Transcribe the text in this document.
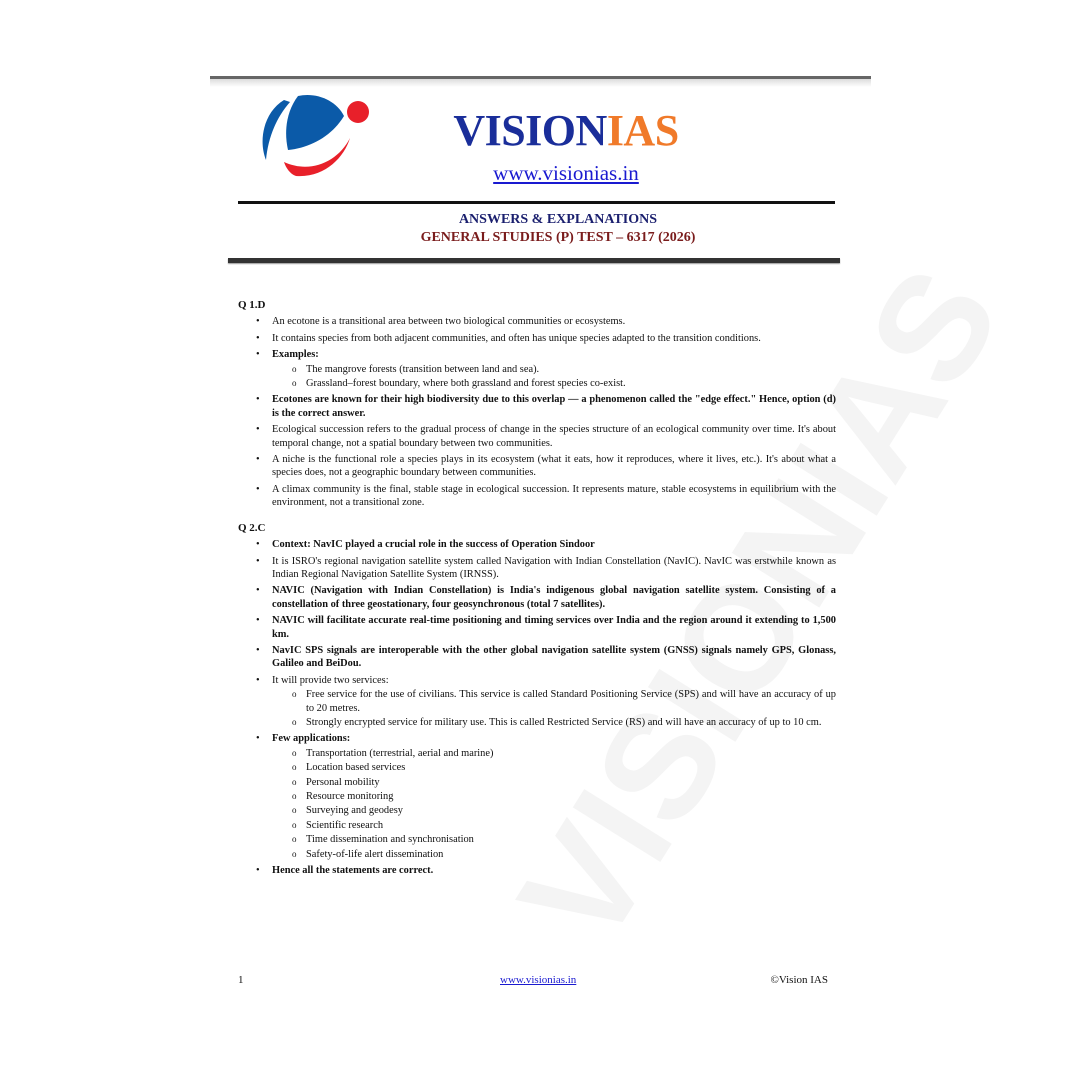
VISIONIAS
www.visionias.in
ANSWERS & EXPLANATIONS
GENERAL STUDIES (P) TEST – 6317 (2026)
Q 1.D
• An ecotone is a transitional area between two biological communities or ecosystems.
• It contains species from both adjacent communities, and often has unique species adapted to the transition conditions.
• Examples:
o The mangrove forests (transition between land and sea).
o Grassland–forest boundary, where both grassland and forest species co-exist.
• Ecotones are known for their high biodiversity due to this overlap — a phenomenon called the "edge effect." Hence, option (d) is the correct answer.
• Ecological succession refers to the gradual process of change in the species structure of an ecological community over time. It's about temporal change, not a spatial boundary between two communities.
• A niche is the functional role a species plays in its ecosystem (what it eats, how it reproduces, where it lives, etc.). It's about what a species does, not a geographic boundary between communities.
• A climax community is the final, stable stage in ecological succession. It represents mature, stable ecosystems in equilibrium with the environment, not a transitional zone.
Q 2.C
• Context: NavIC played a crucial role in the success of Operation Sindoor
• It is ISRO's regional navigation satellite system called Navigation with Indian Constellation (NavIC). NavIC was erstwhile known as Indian Regional Navigation Satellite System (IRNSS).
• NAVIC (Navigation with Indian Constellation) is India's indigenous global navigation satellite system. Consisting of a constellation of three geostationary, four geosynchronous (total 7 satellites).
• NAVIC will facilitate accurate real-time positioning and timing services over India and the region around it extending to 1,500 km.
• NavIC SPS signals are interoperable with the other global navigation satellite system (GNSS) signals namely GPS, Glonass, Galileo and BeiDou.
• It will provide two services:
o Free service for the use of civilians. This service is called Standard Positioning Service (SPS) and will have an accuracy of up to 20 metres.
o Strongly encrypted service for military use. This is called Restricted Service (RS) and will have an accuracy of up to 10 cm.
• Few applications:
o Transportation (terrestrial, aerial and marine)
o Location based services
o Personal mobility
o Resource monitoring
o Surveying and geodesy
o Scientific research
o Time dissemination and synchronisation
o Safety-of-life alert dissemination
• Hence all the statements are correct.
1	www.visionias.in	©Vision IAS
